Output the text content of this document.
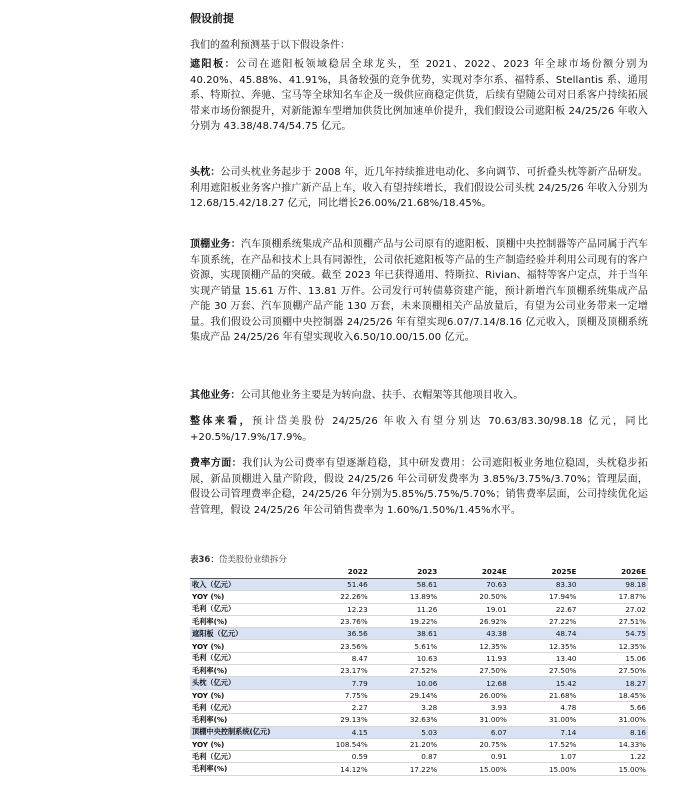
假设前提
我们的盈利预测基于以下假设条件：
遮阳板：公司在遮阳板领域稳居全球龙头，至 2021、2022、2023 年全球市场份额分别为 40.20%、45.88%、41.91%，具备较强的竞争优势，实现对李尔系、福特系、Stellantis 系、通用系、特斯拉、奔驰、宝马等全球知名车企及一级供应商稳定供货，后续有望随公司对日系客户持续拓展带来市场份额提升，对新能源车型增加供货比例加速单价提升，我们假设公司遮阳板 24/25/26 年收入分别为 43.38/48.74/54.75 亿元。
头枕：公司头枕业务起步于 2008 年，近几年持续推进电动化、多向调节、可折叠头枕等新产品研发。利用遮阳板业务客户推广新产品上车，收入有望持续增长，我们假设公司头枕 24/25/26 年收入分别为 12.68/15.42/18.27 亿元，同比增长26.00%/21.68%/18.45%。
顶棚业务：汽车顶棚系统集成产品和顶棚产品与公司原有的遮阳板、顶棚中央控制器等产品同属于汽车车顶系统，在产品和技术上具有同源性，公司依托遮阳板等产品的生产制造经验并利用公司现有的客户资源，实现顶棚产品的突破。截至 2023 年已获得通用、特斯拉、Rivian、福特等客户定点，并于当年实现产销量 15.61 万件、13.81 万件。公司发行可转债募资建产能，预计新增汽车顶棚系统集成产品产能 30 万套、汽车顶棚产品产能 130 万套，未来顶棚相关产品放量后，有望为公司业务带来一定增量。我们假设公司顶棚中央控制器 24/25/26 年有望实现6.07/7.14/8.16 亿元收入，顶棚及顶棚系统集成产品 24/25/26 年有望实现收入6.50/10.00/15.00 亿元。
其他业务：公司其他业务主要是为转向盘、扶手、衣帽架等其他项目收入。
整体来看，预计岱美股份 24/25/26 年收入有望分别达 70.63/83.30/98.18 亿元，同比+20.5%/17.9%/17.9%。
费率方面：我们认为公司费率有望逐渐趋稳，其中研发费用：公司遮阳板业务地位稳固，头枕稳步拓展，新品顶棚进入量产阶段，假设 24/25/26 年公司研发费率为 3.85%/3.75%/3.70%；管理层面，假设公司管理费率企稳，24/25/26 年分别为5.85%/5.75%/5.70%；销售费率层面，公司持续优化运营管理，假设 24/25/26 年公司销售费率为 1.60%/1.50%/1.45%水平。
表36：岱美股份业绩拆分
	2022	2023	2024E	2025E	2026E
收入（亿元）	51.46	58.61	70.63	83.30	98.18
YOY (%)	22.26%	13.89%	20.50%	17.94%	17.87%
毛利（亿元）	12.23	11.26	19.01	22.67	27.02
毛利率(%)	23.76%	19.22%	26.92%	27.22%	27.51%
遮阳板（亿元）	36.56	38.61	43.38	48.74	54.75
YOY (%)	23.56%	5.61%	12.35%	12.35%	12.35%
毛利（亿元）	8.47	10.63	11.93	13.40	15.06
毛利率(%)	23.17%	27.52%	27.50%	27.50%	27.50%
头枕（亿元）	7.79	10.06	12.68	15.42	18.27
YOY (%)	7.75%	29.14%	26.00%	21.68%	18.45%
毛利（亿元）	2.27	3.28	3.93	4.78	5.66
毛利率(%)	29.13%	32.63%	31.00%	31.00%	31.00%
顶棚中央控制系统(亿元)	4.15	5.03	6.07	7.14	8.16
YOY (%)	108.54%	21.20%	20.75%	17.52%	14.33%
毛利（亿元）	0.59	0.87	0.91	1.07	1.22
毛利率(%)	14.12%	17.22%	15.00%	15.00%	15.00%
